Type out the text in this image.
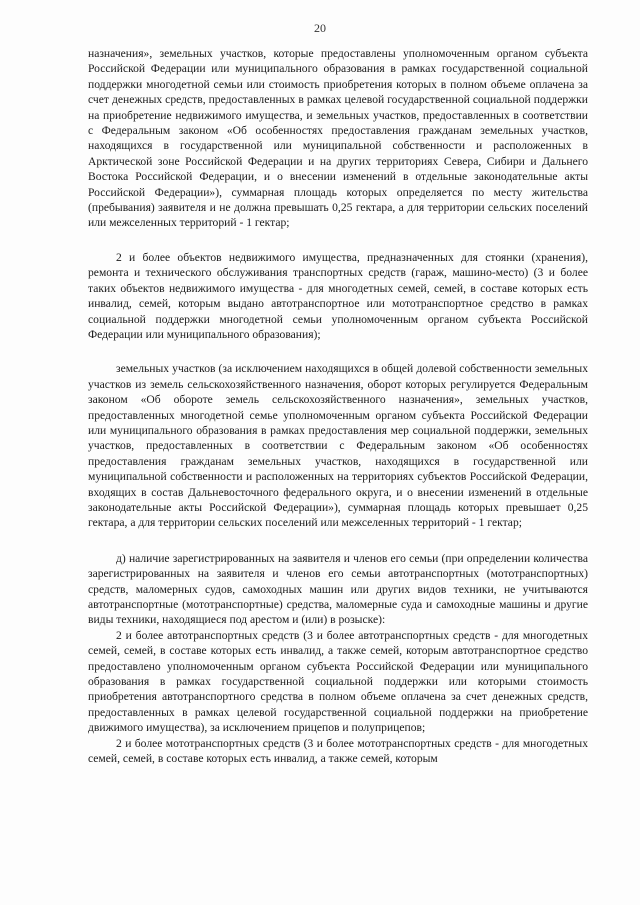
20

назначения», земельных участков, которые предоставлены уполномоченным органом субъекта Российской Федерации или муниципального образования в рамках государственной социальной поддержки многодетной семьи или стоимость приобретения которых в полном объеме оплачена за счет денежных средств, предоставленных в рамках целевой государственной социальной поддержки на приобретение недвижимого имущества, и земельных участков, предоставленных в соответствии с Федеральным законом «Об особенностях предоставления гражданам земельных участков, находящихся в государственной или муниципальной собственности и расположенных в Арктической зоне Российской Федерации и на других территориях Севера, Сибири и Дальнего Востока Российской Федерации, и о внесении изменений в отдельные законодательные акты Российской Федерации»), суммарная площадь которых определяется по месту жительства (пребывания) заявителя и не должна превышать 0,25 гектара, а для территории сельских поселений или межселенных территорий - 1 гектар;

2 и более объектов недвижимого имущества, предназначенных для стоянки (хранения), ремонта и технического обслуживания транспортных средств (гараж, машино-место) (3 и более таких объектов недвижимого имущества - для многодетных семей, семей, в составе которых есть инвалид, семей, которым выдано автотранспортное или мототранспортное средство в рамках социальной поддержки многодетной семьи уполномоченным органом субъекта Российской Федерации или муниципального образования);

земельных участков (за исключением находящихся в общей долевой собственности земельных участков из земель сельскохозяйственного назначения, оборот которых регулируется Федеральным законом «Об обороте земель сельскохозяйственного назначения», земельных участков, предоставленных многодетной семье уполномоченным органом субъекта Российской Федерации или муниципального образования в рамках предоставления мер социальной поддержки, земельных участков, предоставленных в соответствии с Федеральным законом «Об особенностях предоставления гражданам земельных участков, находящихся в государственной или муниципальной собственности и расположенных на территориях субъектов Российской Федерации, входящих в состав Дальневосточного федерального округа, и о внесении изменений в отдельные законодательные акты Российской Федерации»), суммарная площадь которых превышает 0,25 гектара, а для территории сельских поселений или межселенных территорий - 1 гектар;

д) наличие зарегистрированных на заявителя и членов его семьи (при определении количества зарегистрированных на заявителя и членов его семьи автотранспортных (мототранспортных) средств, маломерных судов, самоходных машин или других видов техники, не учитываются автотранспортные (мототранспортные) средства, маломерные суда и самоходные машины и другие виды техники, находящиеся под арестом и (или) в розыске):

2 и более автотранспортных средств (3 и более автотранспортных средств - для многодетных семей, семей, в составе которых есть инвалид, а также семей, которым автотранспортное средство предоставлено уполномоченным органом субъекта Российской Федерации или муниципального образования в рамках государственной социальной поддержки или которыми стоимость приобретения автотранспортного средства в полном объеме оплачена за счет денежных средств, предоставленных в рамках целевой государственной социальной поддержки на приобретение движимого имущества), за исключением прицепов и полуприцепов;

2 и более мототранспортных средств (3 и более мототранспортных средств - для многодетных семей, семей, в составе которых есть инвалид, а также семей, которым
